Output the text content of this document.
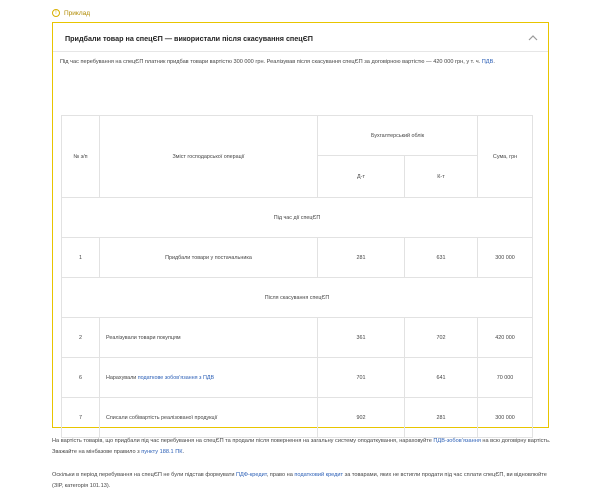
!	Приклад
Придбали товар на спецЄП — використали після скасування спецЄП
Під час перебування на спецЄП платник придбав товари вартістю 300 000 грн. Реалізував після скасування спецЄП за договірною вартістю — 420 000 грн, у т. ч. ПДВ.
№ з/п	Зміст господарської операції	Бухгалтерський облік		Сума, грн
		Д-т	К-т	
Під час дії спецЄП				
1	Придбали товари у постачальника	281	631	300 000
Після скасування спецЄП				
2	Реалізували товари покупцям	361	702	420 000
6	Нарахували податкове зобов’язання з ПДВ	701	641	70 000
7	Списали собівартість реалізованої продукції	902	281	300 000
На вартість товарів, що придбали під час перебування на спецЄП та продали після повернення на загальну систему оподаткування, нараховуйте ПДВ-зобов’язання на всю договірну вартість. Зважайте на мінбазове правило з пункту 188.1 ПК.
Оскільки в період перебування на спецЄП не були підстав формувати ПДФ-кредит, право на податковий кредит за товарами, яких не встигли продати під час сплати спецЄП, ви відновлюйте (ЗІР, категорія 101.13).
